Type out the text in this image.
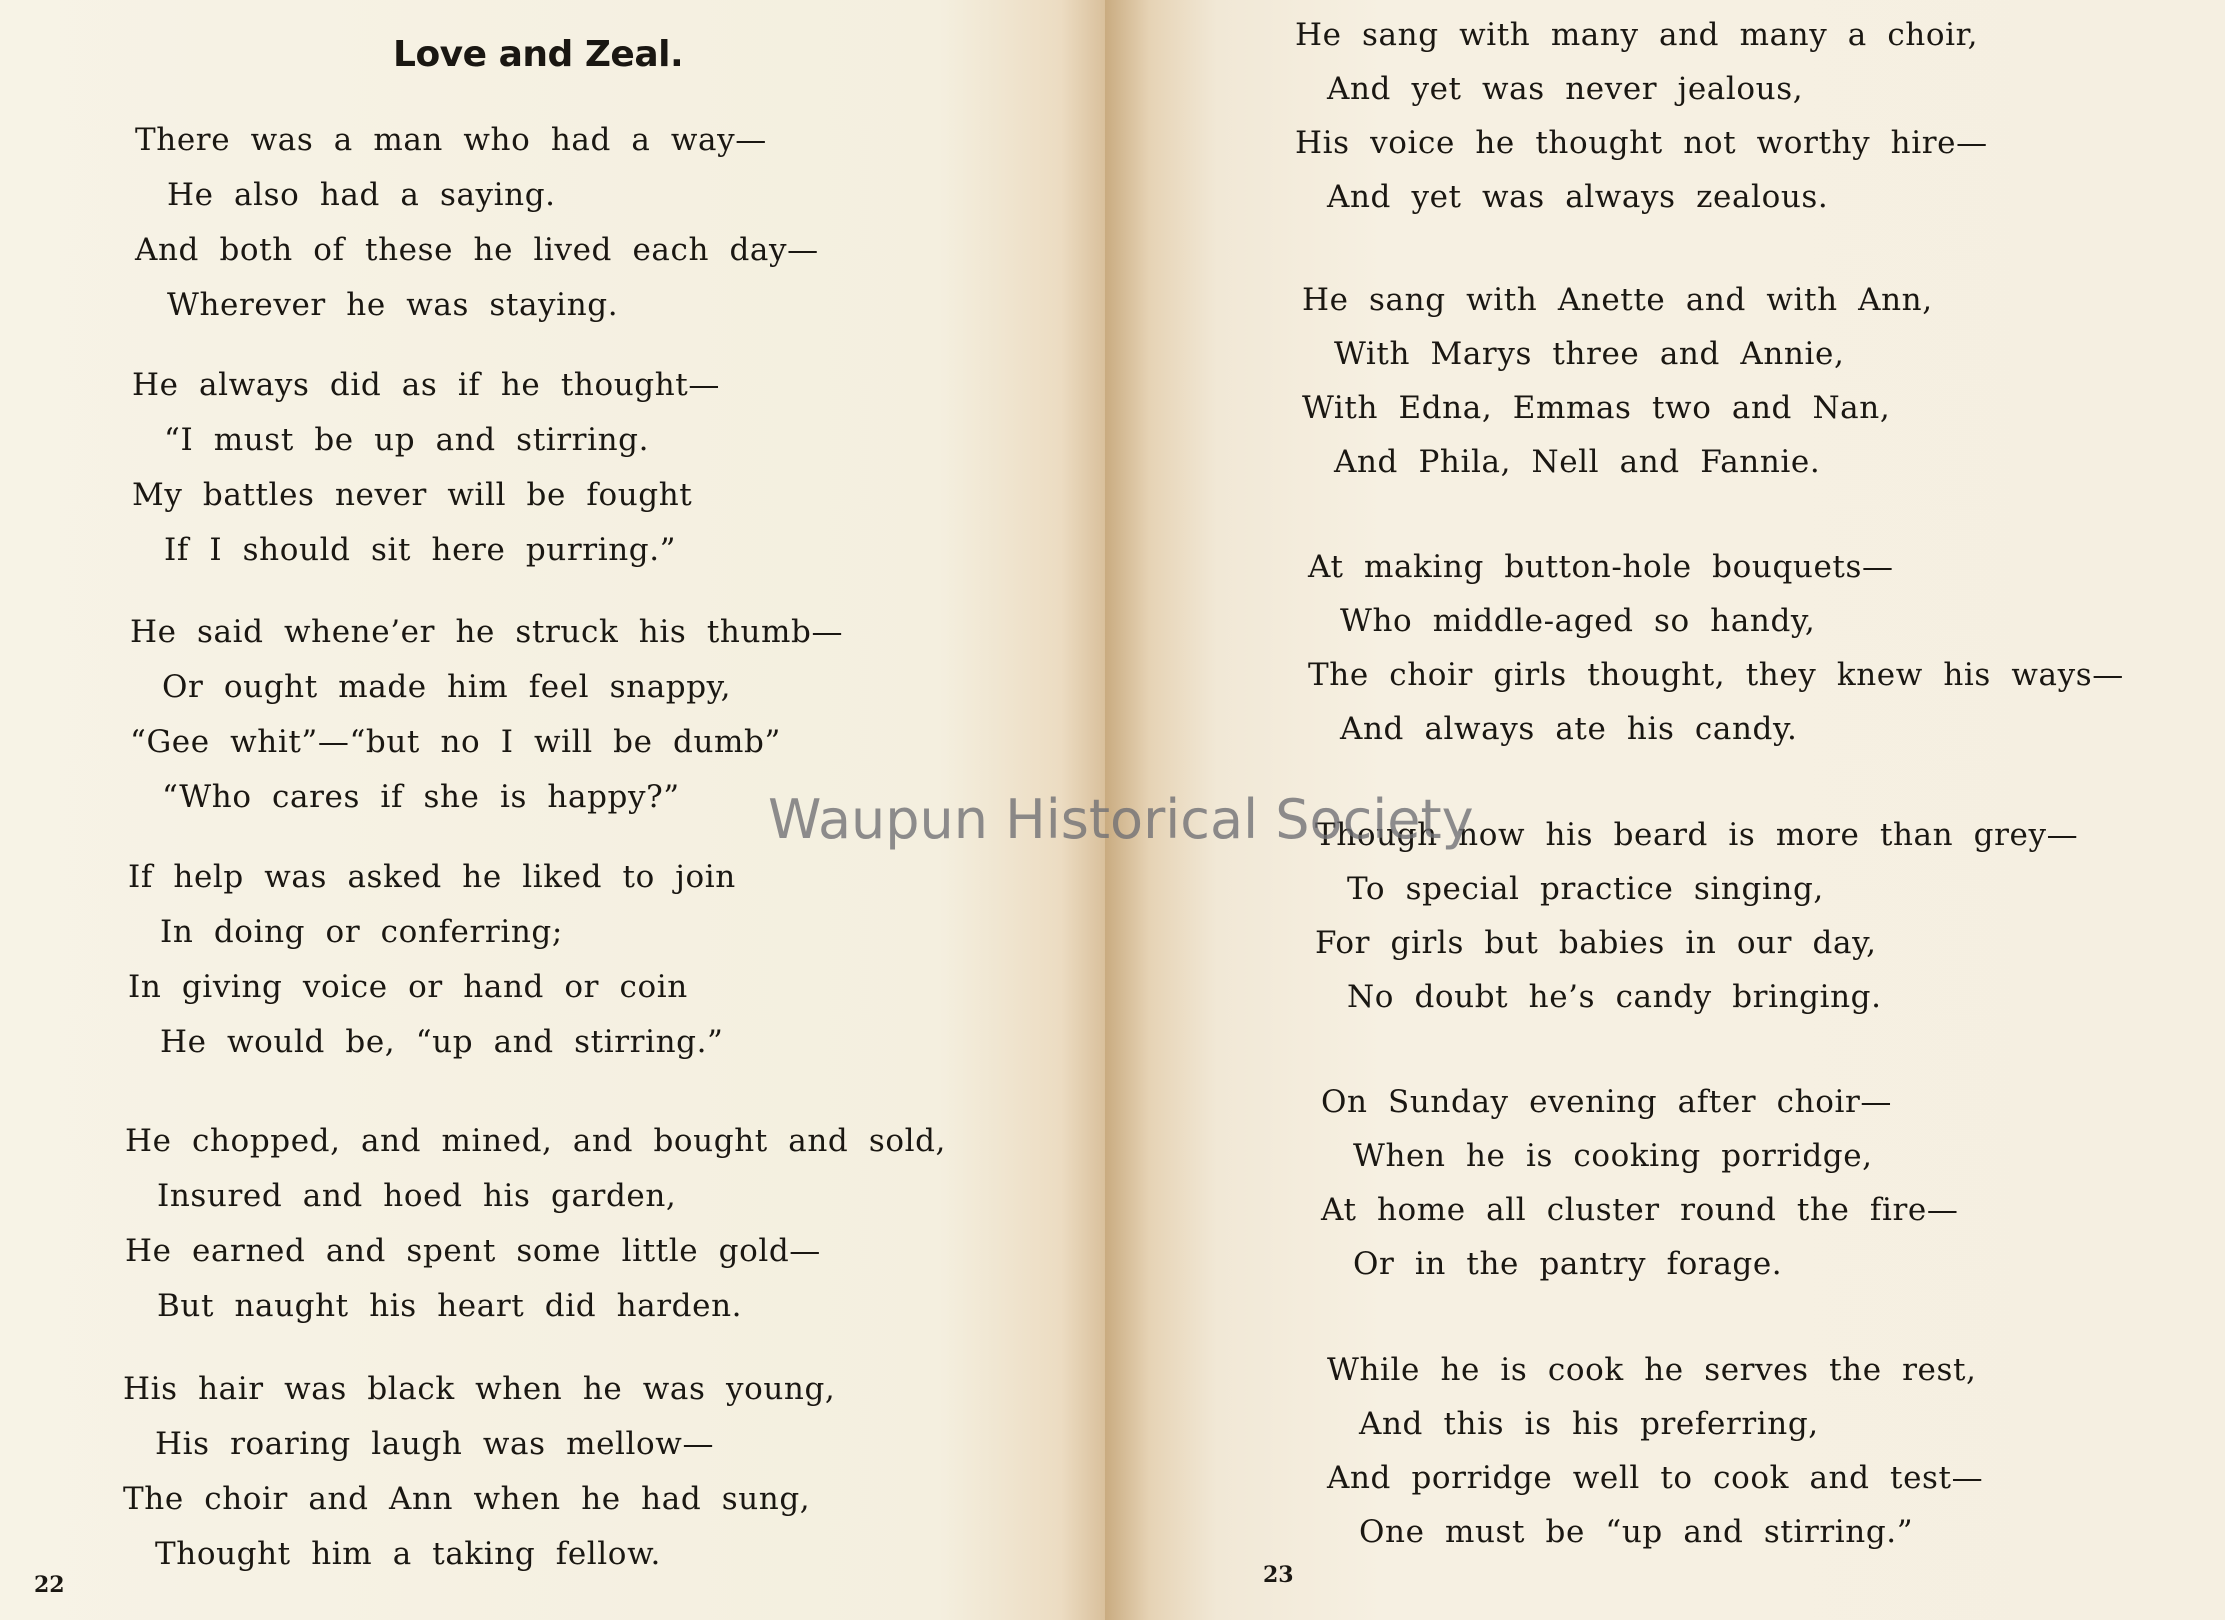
Love and Zeal.
There was a man who had a way—
He also had a saying.
And both of these he lived each day—
Wherever he was staying.
He always did as if he thought—
“I must be up and stirring.
My battles never will be fought
If I should sit here purring.”
He said whene’er he struck his thumb—
Or ought made him feel snappy,
“Gee whit”—“but no I will be dumb”
“Who cares if she is happy?”
If help was asked he liked to join
In doing or conferring;
In giving voice or hand or coin
He would be, “up and stirring.”
He chopped, and mined, and bought and sold,
Insured and hoed his garden,
He earned and spent some little gold—
But naught his heart did harden.
His hair was black when he was young,
His roaring laugh was mellow—
The choir and Ann when he had sung,
Thought him a taking fellow.
22
He sang with many and many a choir,
And yet was never jealous,
His voice he thought not worthy hire—
And yet was always zealous.
He sang with Anette and with Ann,
With Marys three and Annie,
With Edna, Emmas two and Nan,
And Phila, Nell and Fannie.
At making button-hole bouquets—
Who middle-aged so handy,
The choir girls thought, they knew his ways—
And always ate his candy.
Though now his beard is more than grey—
To special practice singing,
For girls but babies in our day,
No doubt he’s candy bringing.
On Sunday evening after choir—
When he is cooking porridge,
At home all cluster round the fire—
Or in the pantry forage.
While he is cook he serves the rest,
And this is his preferring,
And porridge well to cook and test—
One must be “up and stirring.”
23
Waupun Historical Society
